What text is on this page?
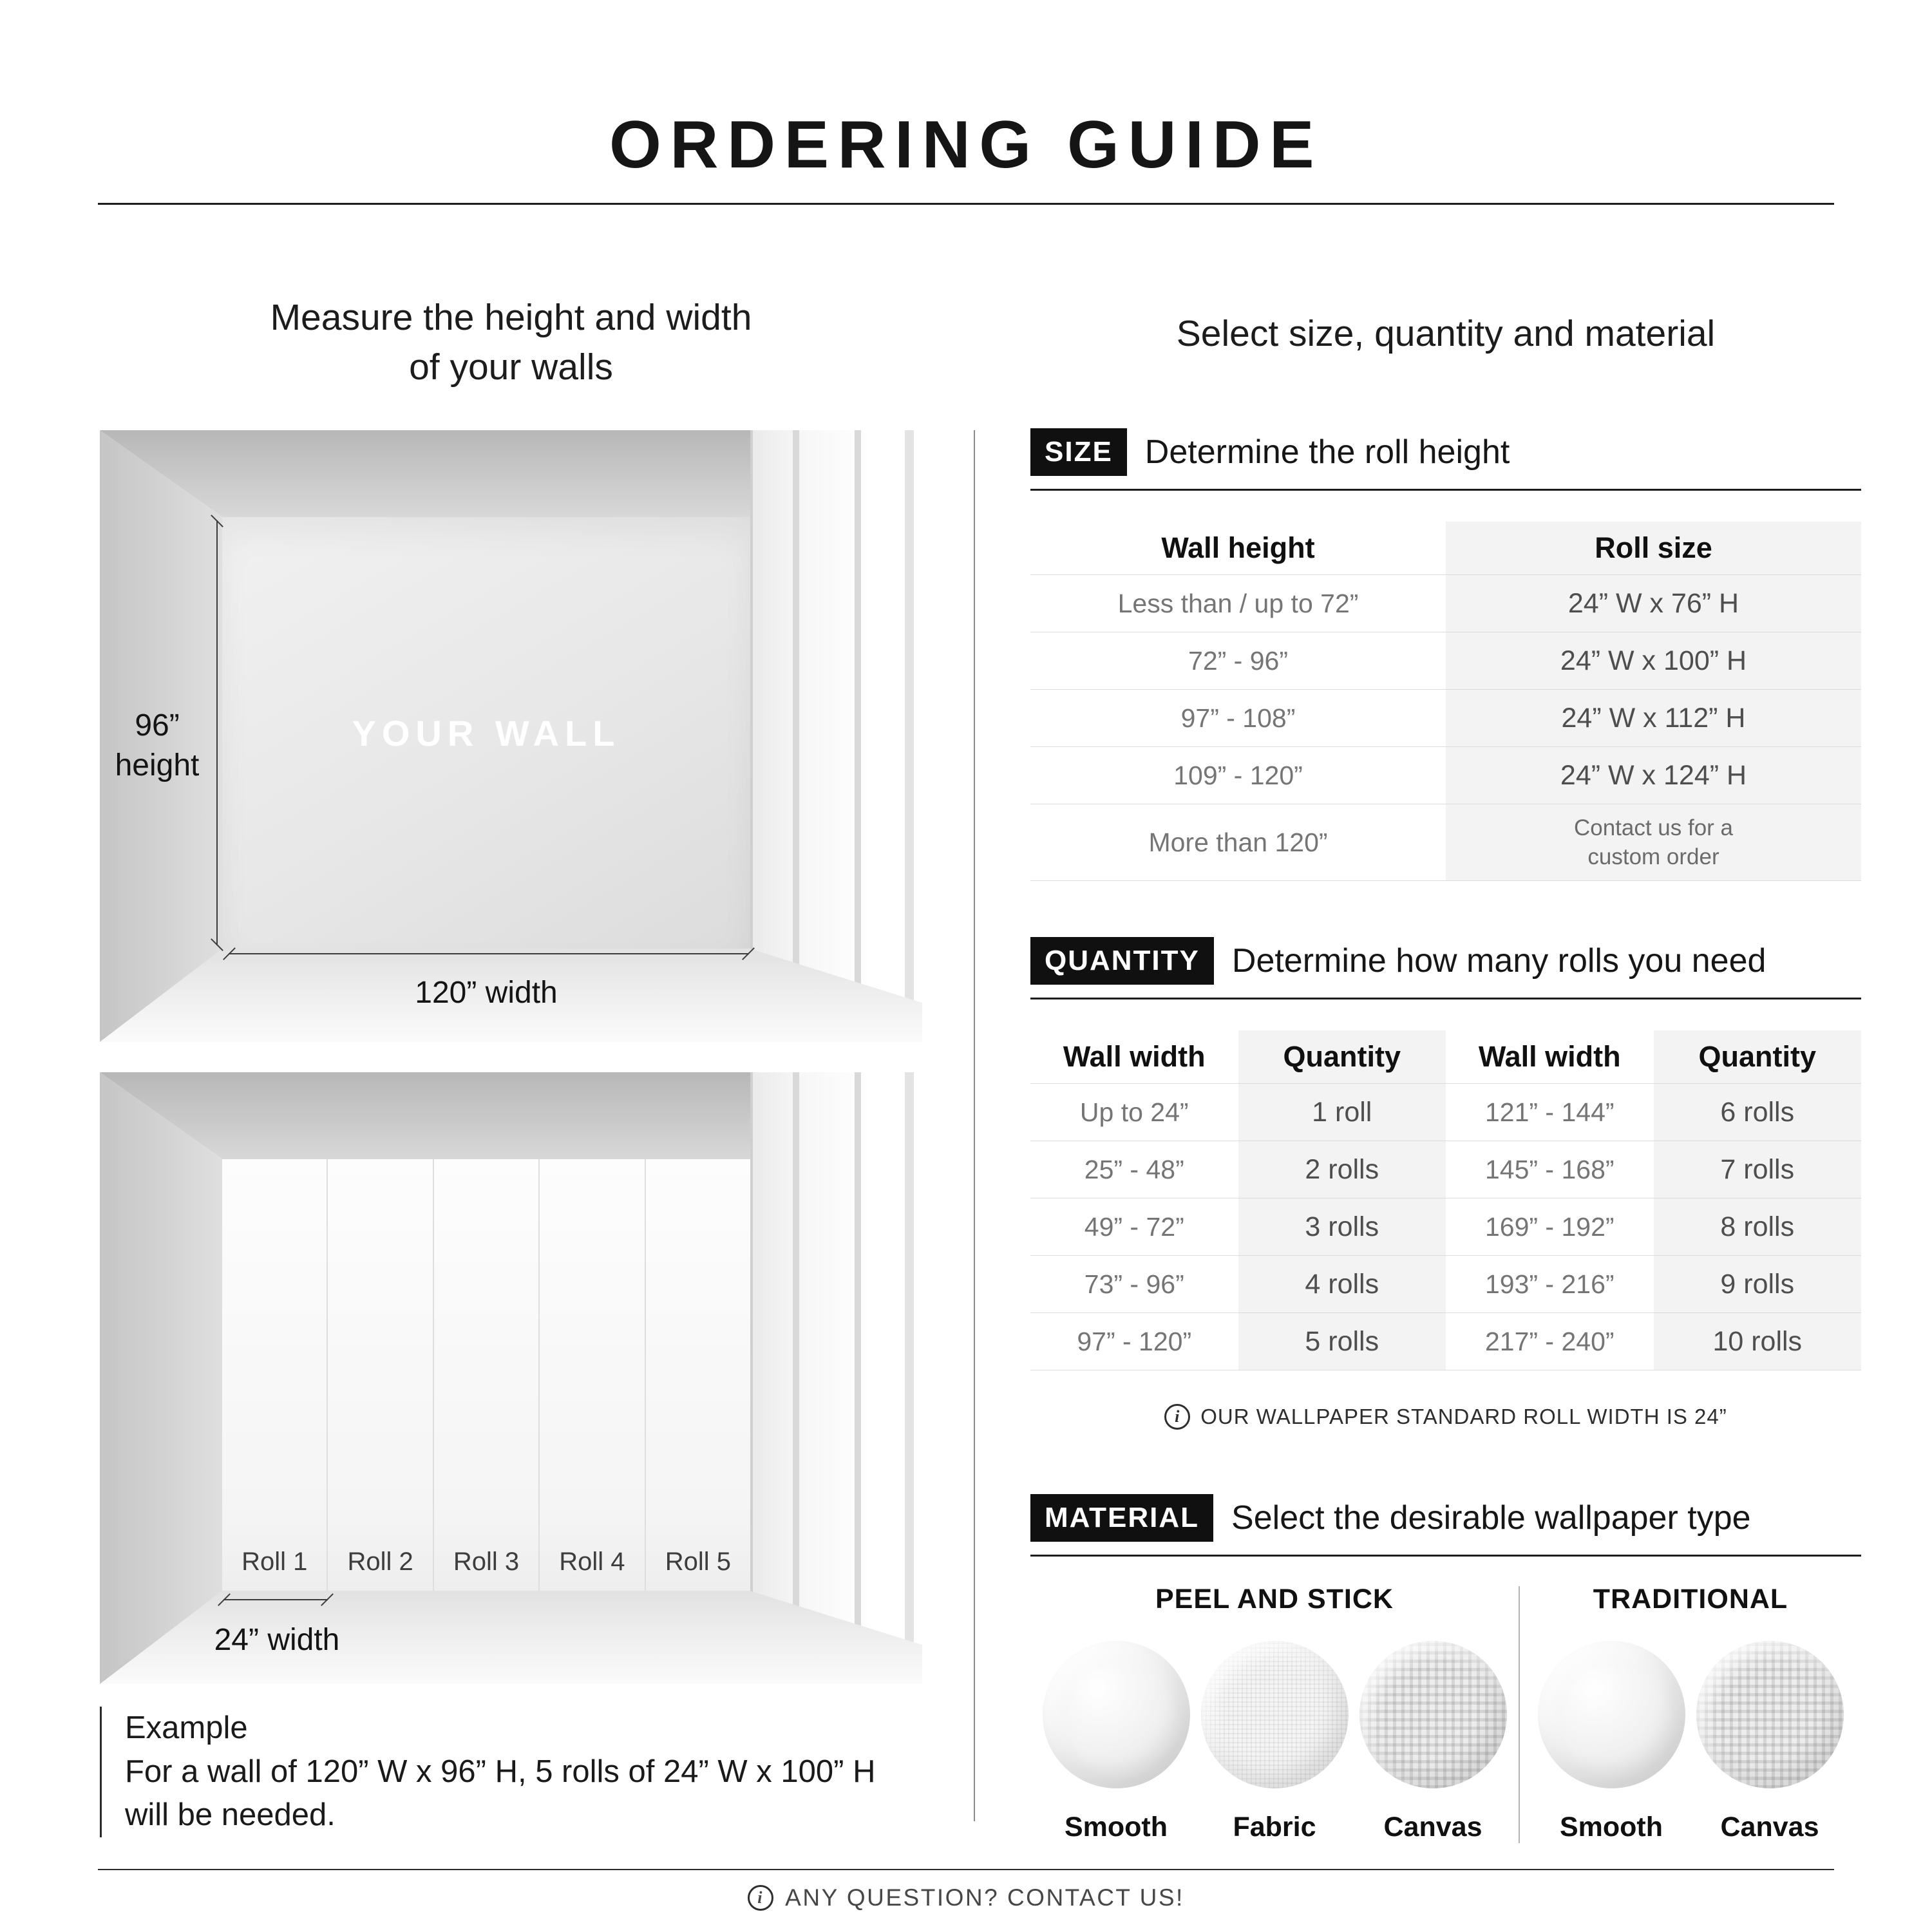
ORDERING GUIDE
Measure the height and width
of your walls
Select size, quantity and material
YOUR WALL
96” height
120” width
Roll 1 Roll 2 Roll 3 Roll 4 Roll 5
24” width
Example
For a wall of 120” W x 96” H, 5 rolls of 24” W x 100” H
will be needed.
SIZE Determine the roll height
Wall height	Roll size
Less than / up to 72”	24” W x 76” H
72” - 96”	24” W x 100” H
97” - 108”	24” W x 112” H
109” - 120”	24” W x 124” H
More than 120”	Contact us for a custom order
QUANTITY Determine how many rolls you need
Wall width	Quantity	Wall width	Quantity
Up to 24”	1 roll	121” - 144”	6 rolls
25” - 48”	2 rolls	145” - 168”	7 rolls
49” - 72”	3 rolls	169” - 192”	8 rolls
73” - 96”	4 rolls	193” - 216”	9 rolls
97” - 120”	5 rolls	217” - 240”	10 rolls
i OUR WALLPAPER STANDARD ROLL WIDTH IS 24”
MATERIAL Select the desirable wallpaper type
PEEL AND STICK
Smooth	Fabric	Canvas
TRADITIONAL
Smooth	Canvas
i ANY QUESTION? CONTACT US!
